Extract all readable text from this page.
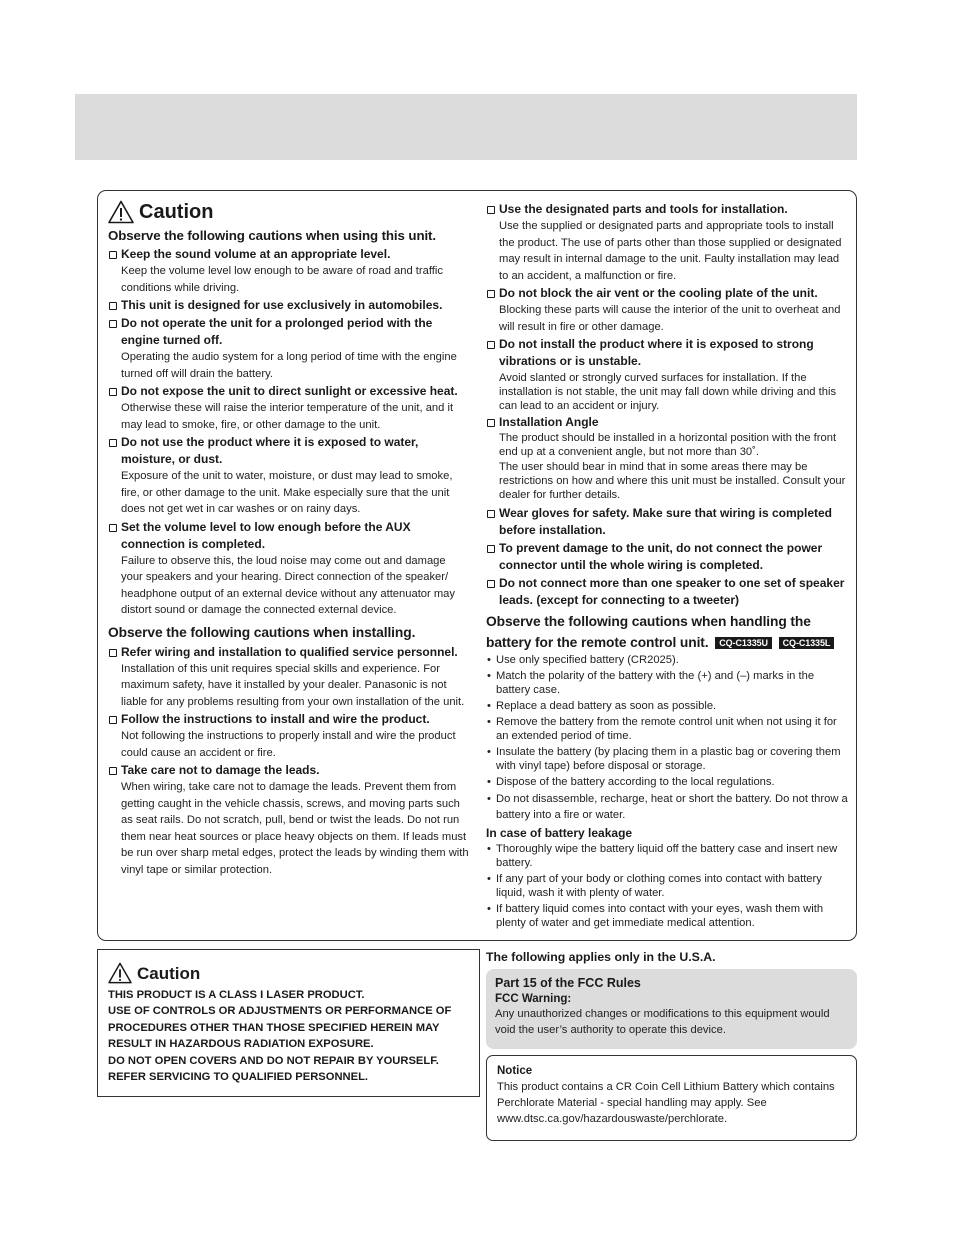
Caution
Observe the following cautions when using this unit.
Keep the sound volume at an appropriate level.
Keep the volume level low enough to be aware of road and traffic conditions while driving.
This unit is designed for use exclusively in automobiles.
Do not operate the unit for a prolonged period with the engine turned off.
Operating the audio system for a long period of time with the engine turned off will drain the battery.
Do not expose the unit to direct sunlight or excessive heat.
Otherwise these will raise the interior temperature of the unit, and it may lead to smoke, fire, or other damage to the unit.
Do not use the product where it is exposed to water, moisture, or dust.
Exposure of the unit to water, moisture, or dust may lead to smoke, fire, or other damage to the unit. Make especially sure that the unit does not get wet in car washes or on rainy days.
Set the volume level to low enough before the AUX connection is completed.
Failure to observe this, the loud noise may come out and damage your speakers and your hearing. Direct connection of the speaker/ headphone output of an external device without any attenuator may distort sound or damage the connected external device.
Observe the following cautions when installing.
Refer wiring and installation to qualified service personnel.
Installation of this unit requires special skills and experience. For maximum safety, have it installed by your dealer. Panasonic is not liable for any problems resulting from your own installation of the unit.
Follow the instructions to install and wire the product.
Not following the instructions to properly install and wire the product could cause an accident or fire.
Take care not to damage the leads.
When wiring, take care not to damage the leads. Prevent them from getting caught in the vehicle chassis, screws, and moving parts such as seat rails. Do not scratch, pull, bend or twist the leads. Do not run them near heat sources or place heavy objects on them. If leads must be run over sharp metal edges, protect the leads by winding them with vinyl tape or similar protection.
Use the designated parts and tools for installation.
Use the supplied or designated parts and appropriate tools to install the product. The use of parts other than those supplied or designated may result in internal damage to the unit. Faulty installation may lead to an accident, a malfunction or fire.
Do not block the air vent or the cooling plate of the unit.
Blocking these parts will cause the interior of the unit to overheat and will result in fire or other damage.
Do not install the product where it is exposed to strong vibrations or is unstable.
Avoid slanted or strongly curved surfaces for installation. If the installation is not stable, the unit may fall down while driving and this can lead to an accident or injury.
Installation Angle
The product should be installed in a horizontal position with the front end up at a convenient angle, but not more than 30˚.
The user should bear in mind that in some areas there may be restrictions on how and where this unit must be installed. Consult your dealer for further details.
Wear gloves for safety. Make sure that wiring is completed before installation.
To prevent damage to the unit, do not connect the power connector until the whole wiring is completed.
Do not connect more than one speaker to one set of speaker leads. (except for connecting to a tweeter)
Observe the following cautions when handling the battery for the remote control unit. CQ-C1335U CQ-C1335L
• Use only specified battery (CR2025).
• Match the polarity of the battery with the (+) and (–) marks in the battery case.
• Replace a dead battery as soon as possible.
• Remove the battery from the remote control unit when not using it for an extended period of time.
• Insulate the battery (by placing them in a plastic bag or covering them with vinyl tape) before disposal or storage.
• Dispose of the battery according to the local regulations.
• Do not disassemble, recharge, heat or short the battery. Do not throw a battery into a fire or water.
In case of battery leakage
• Thoroughly wipe the battery liquid off the battery case and insert new battery.
• If any part of your body or clothing comes into contact with battery liquid, wash it with plenty of water.
• If battery liquid comes into contact with your eyes, wash them with plenty of water and get immediate medical attention.
Caution
THIS PRODUCT IS A CLASS I LASER PRODUCT.
USE OF CONTROLS OR ADJUSTMENTS OR PERFORMANCE OF PROCEDURES OTHER THAN THOSE SPECIFIED HEREIN MAY RESULT IN HAZARDOUS RADIATION EXPOSURE.
DO NOT OPEN COVERS AND DO NOT REPAIR BY YOURSELF. REFER SERVICING TO QUALIFIED PERSONNEL.
The following applies only in the U.S.A.
Part 15 of the FCC Rules
FCC Warning:
Any unauthorized changes or modifications to this equipment would void the user’s authority to operate this device.
Notice
This product contains a CR Coin Cell Lithium Battery which contains Perchlorate Material - special handling may apply. See www.dtsc.ca.gov/hazardouswaste/perchlorate.
